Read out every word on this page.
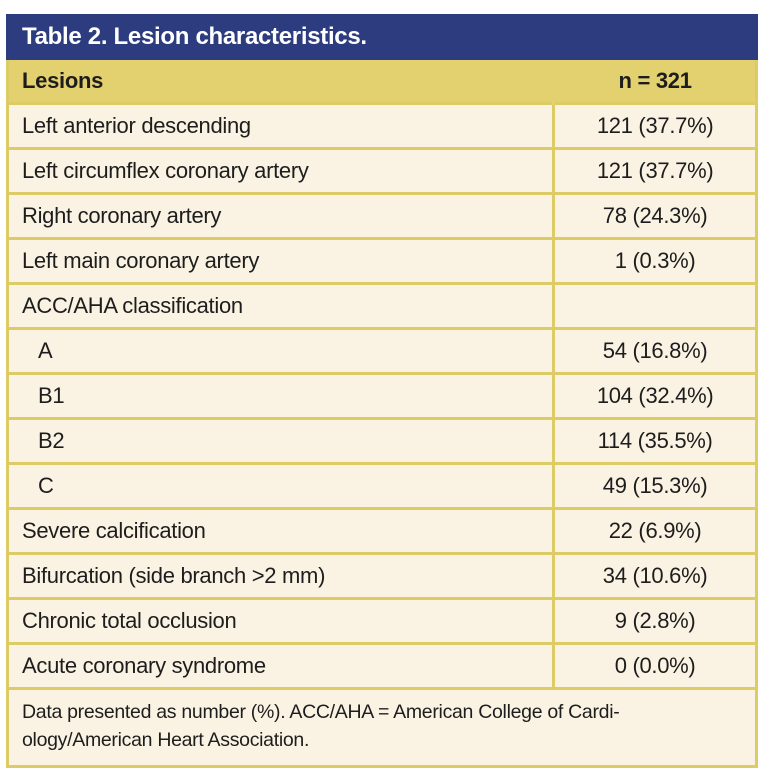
Table 2. Lesion characteristics.
Lesions	n = 321
Left anterior descending	121 (37.7%)
Left circumflex coronary artery	121 (37.7%)
Right coronary artery	78 (24.3%)
Left main coronary artery	1 (0.3%)
ACC/AHA classification	
A	54 (16.8%)
B1	104 (32.4%)
B2	114 (35.5%)
C	49 (15.3%)
Severe calcification	22 (6.9%)
Bifurcation (side branch >2 mm)	34 (10.6%)
Chronic total occlusion	9 (2.8%)
Acute coronary syndrome	0 (0.0%)

Data presented as number (%). ACC/AHA = American College of Cardi-
ology/American Heart Association.	
